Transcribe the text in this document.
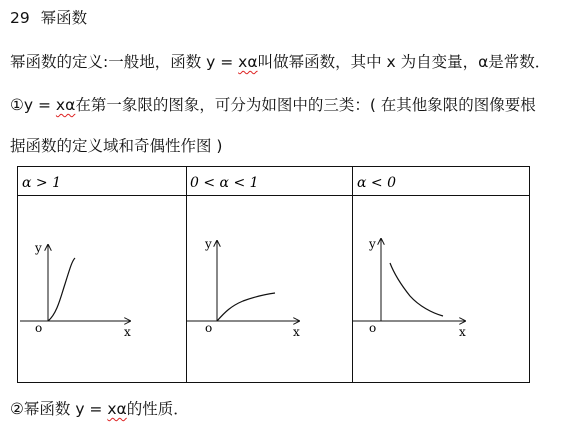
29 幂函数
幂函数的定义:一般地，函数 y = xα叫做幂函数，其中 x 为自变量，α是常数．
①y = xα在第一象限的图象，可分为如图中的三类：( 在其他象限的图像要根
据函数的定义域和奇偶性作图 )
α > 1	0 < α < 1	α < 0
y
x
o
y
x
o
y
x
o
②幂函数 y = xα的性质．
